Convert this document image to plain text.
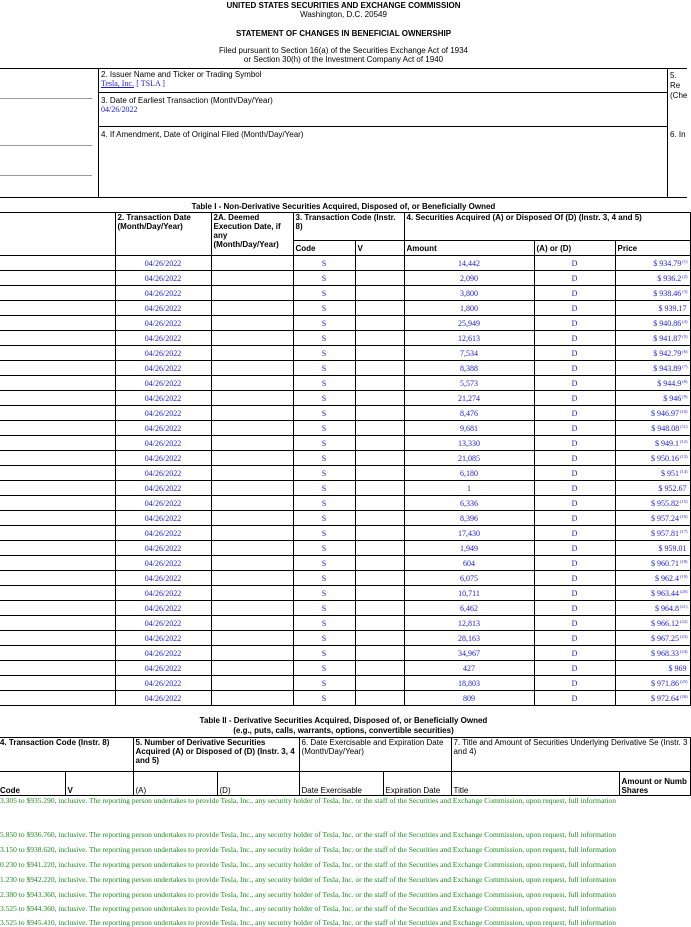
UNITED STATES SECURITIES AND EXCHANGE COMMISSION
Washington, D.C. 20549
STATEMENT OF CHANGES IN BENEFICIAL OWNERSHIP
Filed pursuant to Section 16(a) of the Securities Exchange Act of 1934
or Section 30(h) of the Investment Company Act of 1940
2. Issuer Name and Ticker or Trading Symbol
Tesla, Inc. [ TSLA ]
3. Date of Earliest Transaction (Month/Day/Year)
04/26/2022
4. If Amendment, Date of Original Filed (Month/Day/Year)
5. Re
(Che
6. In
Table I - Non-Derivative Securities Acquired, Disposed of, or Beneficially Owned
	2. Transaction Date (Month/Day/Year)	2A. Deemed Execution Date, if any (Month/Day/Year)	3. Transaction Code (Instr. 8)		4. Securities Acquired (A) or Disposed Of (D) (Instr. 3, 4 and 5)		
			Code	V	Amount	(A) or (D)	Price
	04/26/2022		S		14,442	D	$ 934.79$^{(1)}$
	04/26/2022		S		2,090	D	$ 936.2$^{(2)}$
	04/26/2022		S		3,800	D	$ 938.46$^{(3)}$
	04/26/2022		S		1,800	D	$ 939.17
	04/26/2022		S		25,949	D	$ 940.86$^{(4)}$
	04/26/2022		S		12,613	D	$ 941.87$^{(5)}$
	04/26/2022		S		7,534	D	$ 942.79$^{(6)}$
	04/26/2022		S		8,388	D	$ 943.89$^{(7)}$
	04/26/2022		S		5,573	D	$ 944.9$^{(8)}$
	04/26/2022		S		21,274	D	$ 946$^{(9)}$
	04/26/2022		S		8,476	D	$ 946.97$^{(10)}$
	04/26/2022		S		9,681	D	$ 948.08$^{(11)}$
	04/26/2022		S		13,330	D	$ 949.1$^{(12)}$
	04/26/2022		S		21,085	D	$ 950.16$^{(13)}$
	04/26/2022		S		6,180	D	$ 951$^{(14)}$
	04/26/2022		S		1	D	$ 952.67
	04/26/2022		S		6,336	D	$ 955.82$^{(15)}$
	04/26/2022		S		8,396	D	$ 957.24$^{(16)}$
	04/26/2022		S		17,430	D	$ 957.81$^{(17)}$
	04/26/2022		S		1,949	D	$ 959.01
	04/26/2022		S		604	D	$ 960.71$^{(18)}$
	04/26/2022		S		6,075	D	$ 962.4$^{(19)}$
	04/26/2022		S		10,711	D	$ 963.44$^{(20)}$
	04/26/2022		S		6,462	D	$ 964.8$^{(21)}$
	04/26/2022		S		12,813	D	$ 966.12$^{(22)}$
	04/26/2022		S		28,163	D	$ 967.25$^{(23)}$
	04/26/2022		S		34,967	D	$ 968.33$^{(24)}$
	04/26/2022		S		427	D	$ 969
	04/26/2022		S		18,803	D	$ 971.86$^{(25)}$
	04/26/2022		S		809	D	$ 972.64$^{(26)}$
Table II - Derivative Securities Acquired, Disposed of, or Beneficially Owned
(e.g., puts, calls, warrants, options, convertible securities)
4. Transaction Code (Instr. 8)		5. Number of Derivative Securities Acquired (A) or Disposed of (D) (Instr. 3, 4 and 5)		6. Date Exercisable and Expiration Date (Month/Day/Year)		7. Title and Amount of Securities Underlying Derivative Se (Instr. 3 and 4)	
Code	V	(A)	(D)	Date Exercisable	Expiration Date	Title	Amount or Numb Shares
3.305 to $935.290, inclusive. The reporting person undertakes to provide Tesla, Inc., any security holder of Tesla, Inc. or the staff of the Securities and Exchange Commission, upon request, full information
5.850 to $936.760, inclusive. The reporting person undertakes to provide Tesla, Inc., any security holder of Tesla, Inc. or the staff of the Securities and Exchange Commission, upon request, full information
3.150 to $938.620, inclusive. The reporting person undertakes to provide Tesla, Inc., any security holder of Tesla, Inc. or the staff of the Securities and Exchange Commission, upon request, full information
0.230 to $941.220, inclusive. The reporting person undertakes to provide Tesla, Inc., any security holder of Tesla, Inc. or the staff of the Securities and Exchange Commission, upon request, full information
1.230 to $942.220, inclusive. The reporting person undertakes to provide Tesla, Inc., any security holder of Tesla, Inc. or the staff of the Securities and Exchange Commission, upon request, full information
2.380 to $943.360, inclusive. The reporting person undertakes to provide Tesla, Inc., any security holder of Tesla, Inc. or the staff of the Securities and Exchange Commission, upon request, full information
3.525 to $944.360, inclusive. The reporting person undertakes to provide Tesla, Inc., any security holder of Tesla, Inc. or the staff of the Securities and Exchange Commission, upon request, full information
3.525 to $945.410, inclusive. The reporting person undertakes to provide Tesla, Inc., any security holder of Tesla, Inc. or the staff of the Securities and Exchange Commission, upon request, full information
